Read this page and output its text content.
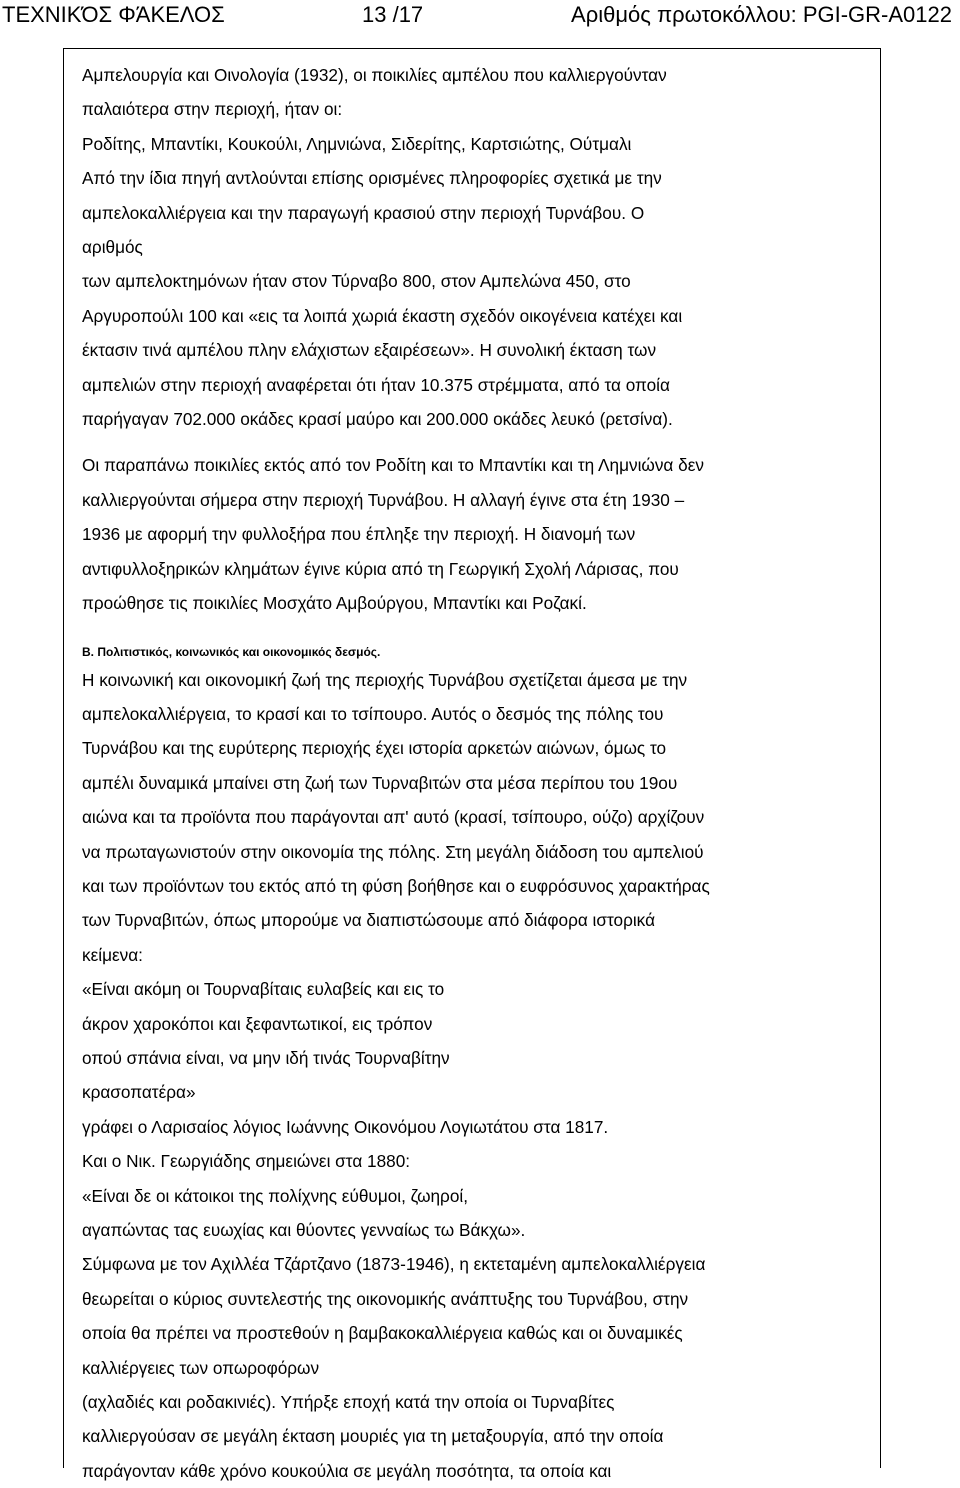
ΤΕΧΝΙΚΌΣ ΦΆΚΕΛΟΣ	13 /17	Αριθμός πρωτοκόλλου: PGI-GR-A0122

Αμπελουργία και Οινολογία (1932), οι ποικιλίες αμπέλου που καλλιεργούνταν

παλαιότερα στην περιοχή, ήταν οι:

Ροδίτης, Μπαντίκι, Κουκούλι, Λημνιώνα, Σιδερίτης, Καρτσιώτης, Ούτμαλι

Από την ίδια πηγή αντλούνται επίσης ορισμένες πληροφορίες σχετικά με την

αμπελοκαλλιέργεια και την παραγωγή κρασιού στην περιοχή Τυρνάβου. Ο

αριθμός

των αμπελοκτημόνων ήταν στον Τύρναβο 800, στον Αμπελώνα 450, στο

Αργυροπούλι 100 και «εις τα λοιπά χωριά έκαστη σχεδόν οικογένεια κατέχει και

έκτασιν τινά αμπέλου πλην ελάχιστων εξαιρέσεων». Η συνολική έκταση των

αμπελιών στην περιοχή αναφέρεται ότι ήταν 10.375 στρέμματα, από τα οποία

παρήγαγαν 702.000 οκάδες κρασί μαύρο και 200.000 οκάδες λευκό (ρετσίνα).

Οι παραπάνω ποικιλίες εκτός από τον Ροδίτη και το Μπαντίκι και τη Λημνιώνα δεν

καλλιεργούνται σήμερα στην περιοχή Τυρνάβου. Η αλλαγή έγινε στα έτη 1930 –

1936 με αφορμή την φυλλοξήρα που έπληξε την περιοχή. Η διανομή των

αντιφυλλοξηρικών κλημάτων έγινε κύρια από τη Γεωργική Σχολή Λάρισας, που

προώθησε τις ποικιλίες Μοσχάτο Αμβούργου, Μπαντίκι και Ροζακί.

Β. Πολιτιστικός, κοινωνικός και οικονομικός δεσμός.

Η κοινωνική και οικονομική ζωή της περιοχής Τυρνάβου σχετίζεται άμεσα με την

αμπελοκαλλιέργεια, το κρασί και το τσίπουρο. Αυτός ο δεσμός της πόλης του

Τυρνάβου και της ευρύτερης περιοχής έχει ιστορία αρκετών αιώνων, όμως το

αμπέλι δυναμικά μπαίνει στη ζωή των Τυρναβιτών στα μέσα περίπου του 19ου

αιώνα και τα προϊόντα που παράγονται απ' αυτό (κρασί, τσίπουρο, ούζο) αρχίζουν

να πρωταγωνιστούν στην οικονομία της πόλης. Στη μεγάλη διάδοση του αμπελιού

και των προϊόντων του εκτός από τη φύση βοήθησε και ο ευφρόσυνος χαρακτήρας

των Τυρναβιτών, όπως μπορούμε να διαπιστώσουμε από διάφορα ιστορικά

κείμενα:

«Είναι ακόμη οι Τουρναβίταις ευλαβείς και εις το

άκρον χαροκόποι και ξεφαντωτικοί, εις τρόπον

οπού σπάνια είναι, να μην ιδή τινάς Τουρναβίτην

κρασοπατέρα»

γράφει ο Λαρισαίος λόγιος Ιωάννης Οικονόμου Λογιωτάτου στα 1817.

Και ο Νικ. Γεωργιάδης σημειώνει στα 1880:

«Είναι δε οι κάτοικοι της πολίχνης εύθυμοι, ζωηροί,

αγαπώντας τας ευωχίας και θύοντες γενναίως τω Βάκχω».

Σύμφωνα με τον Αχιλλέα Τζάρτζανο (1873-1946), η εκτεταμένη αμπελοκαλλιέργεια

θεωρείται ο κύριος συντελεστής της οικονομικής ανάπτυξης του Τυρνάβου, στην

οποία θα πρέπει να προστεθούν η βαμβακοκαλλιέργεια καθώς και οι δυναμικές

καλλιέργειες των οπωροφόρων

(αχλαδιές και ροδακινιές). Υπήρξε εποχή κατά την οποία οι Τυρναβίτες

καλλιεργούσαν σε μεγάλη έκταση μουριές για τη μεταξουργία, από την οποία

παράγονταν κάθε χρόνο κουκούλια σε μεγάλη ποσότητα, τα οποία και
